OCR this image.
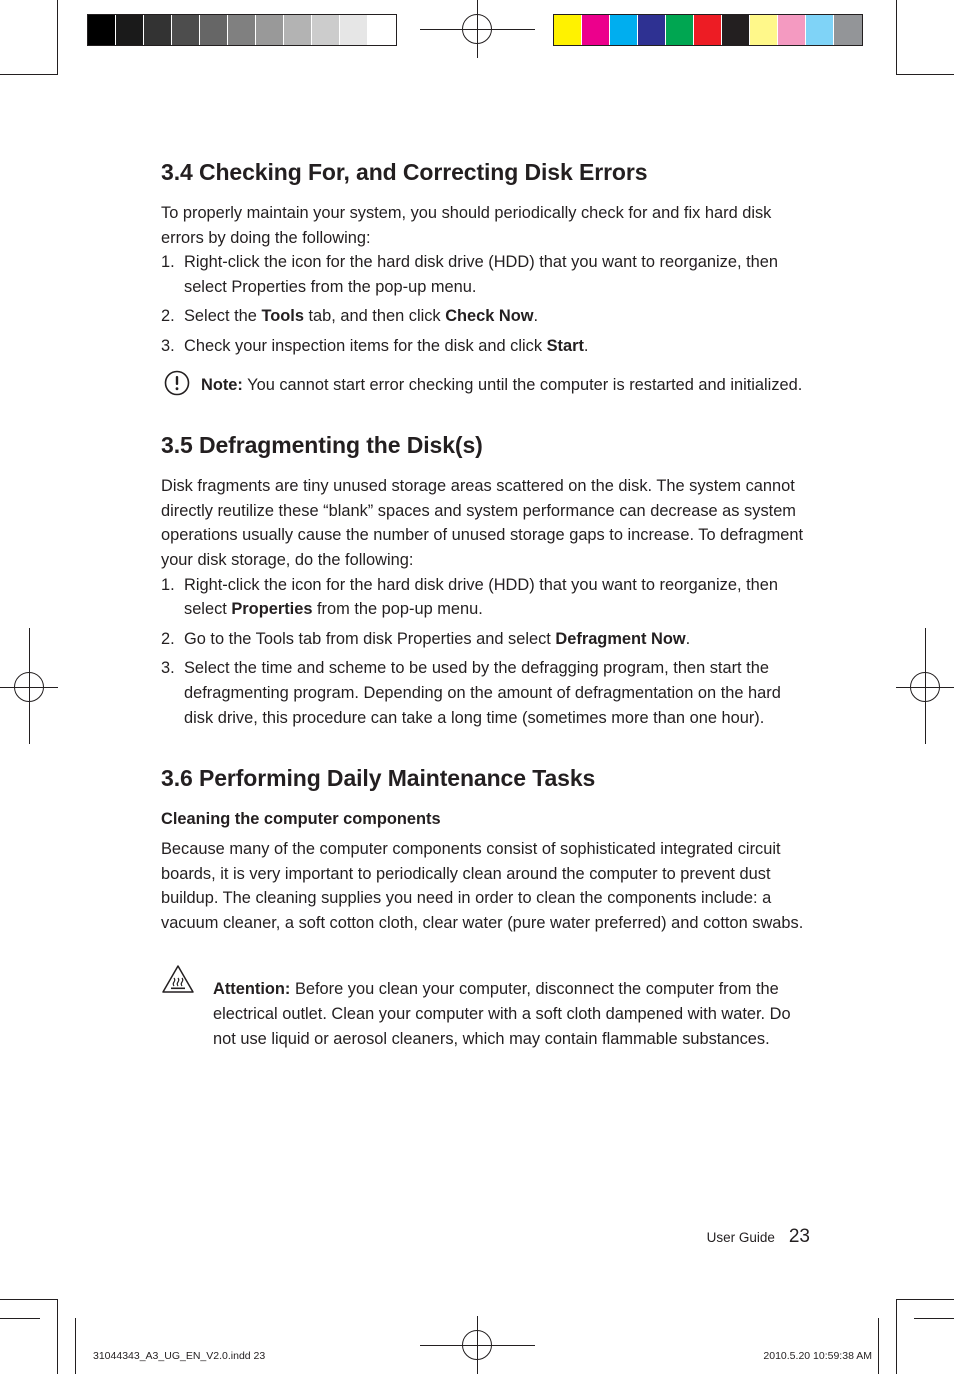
3.4 Checking For, and Correcting Disk Errors

To properly maintain your system, you should periodically check for and fix hard disk errors by doing the following:

1. Right-click the icon for the hard disk drive (HDD) that you want to reorganize, then select Properties from the pop-up menu.
2. Select the Tools tab, and then click Check Now.
3. Check your inspection items for the disk and click Start.
Note: You cannot start error checking until the computer is restarted and initialized.
3.5 Defragmenting the Disk(s)

Disk fragments are tiny unused storage areas scattered on the disk. The system cannot directly reutilize these “blank” spaces and system performance can decrease as system operations usually cause the number of unused storage gaps to increase. To defragment your disk storage, do the following:

1. Right-click the icon for the hard disk drive (HDD) that you want to reorganize, then select Properties from the pop-up menu.
2. Go to the Tools tab from disk Properties and select Defragment Now.
3. Select the time and scheme to be used by the defragging program, then start the defragmenting program. Depending on the amount of defragmentation on the hard disk drive, this procedure can take a long time (sometimes more than one hour).
3.6 Performing Daily Maintenance Tasks
Cleaning the computer components

Because many of the computer components consist of sophisticated integrated circuit boards, it is very important to periodically clean around the computer to prevent dust buildup. The cleaning supplies you need in order to clean the components include: a vacuum cleaner, a soft cotton cloth, clear water (pure water preferred) and cotton swabs.

Attention: Before you clean your computer, disconnect the computer from the electrical outlet. Clean your computer with a soft cloth dampened with water. Do not use liquid or aerosol cleaners, which may contain flammable substances.
User Guide 23
31044343_A3_UG_EN_V2.0.indd 23	2010.5.20 10:59:38 AM
